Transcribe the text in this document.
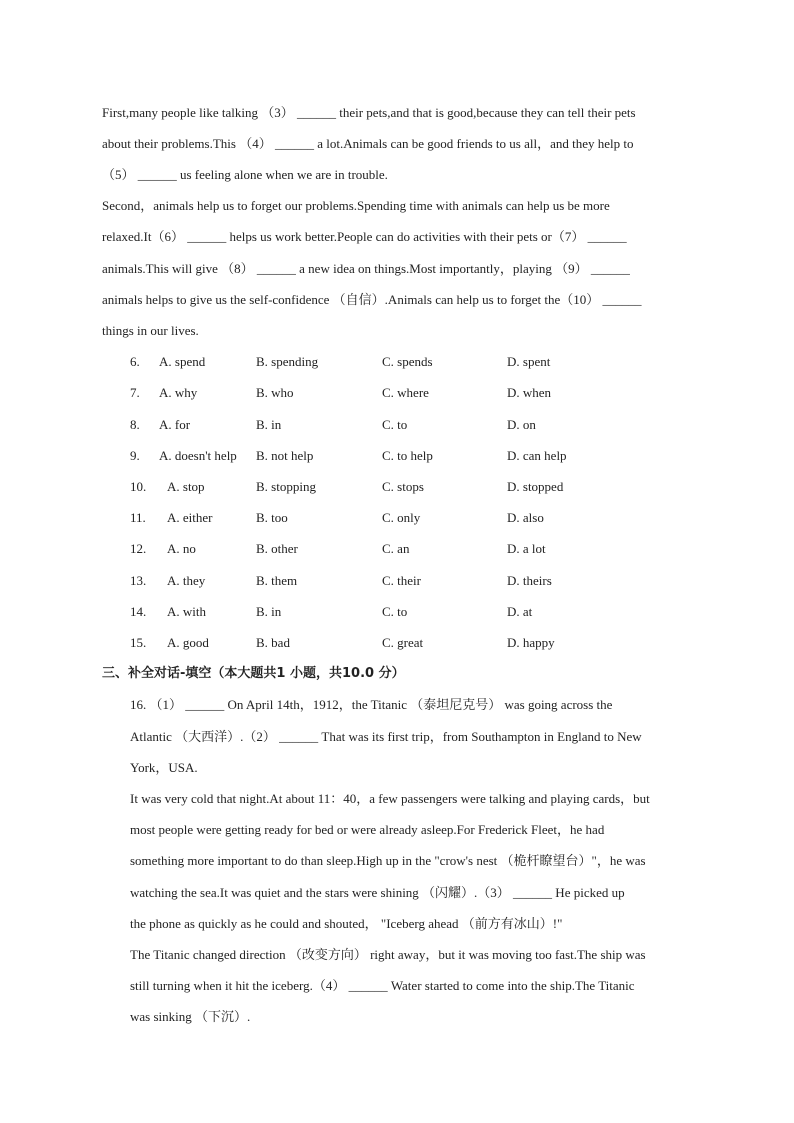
First,many people like talking （3） ______ their pets,and that is good,because they can tell their pets
about their problems.This （4） ______ a lot.Animals can be good friends to us all，and they help to
（5） ______ us feeling alone when we are in trouble.
Second，animals help us to forget our problems.Spending time with animals can help us be more
relaxed.It（6） ______ helps us work better.People can do activities with their pets or（7） ______
animals.This will give （8） ______ a new idea on things.Most importantly，playing （9） ______
animals helps to give us the self-confidence （自信）.Animals can help us to forget the（10） ______
things in our lives.
6. A. spend	B. spending	C. spends	D. spent
7. A. why	B. who	C. where	D. when
8. A. for	B. in	C. to	D. on
9. A. doesn't help B. not help	C. to help	D. can help
10. A. stop	B. stopping	C. stops	D. stopped
11. A. either	B. too	C. only	D. also
12. A. no	B. other	C. an	D. a lot
13. A. they	B. them	C. their	D. theirs
14. A. with	B. in	C. to	D. at
15. A. good	B. bad	C. great	D. happy
三、补全对话-填空（本大题共1 小题，共10.0 分）
16. （1） ______ On April 14th，1912，the Titanic （泰坦尼克号） was going across the
Atlantic （大西洋）.（2） ______ That was its first trip，from Southampton in England to New
York，USA.
It was very cold that night.At about 11：40，a few passengers were talking and playing cards，but
most people were getting ready for bed or were already asleep.For Frederick Fleet，he had
something more important to do than sleep.High up in the "crow's nest （桅杆瞭望台）"，he was
watching the sea.It was quiet and the stars were shining （闪耀）.（3） ______ He picked up
the phone as quickly as he could and shouted， "Iceberg ahead （前方有冰山）!"
The Titanic changed direction （改变方向） right away，but it was moving too fast.The ship was
still turning when it hit the iceberg.（4） ______ Water started to come into the ship.The Titanic
was sinking （下沉）.
